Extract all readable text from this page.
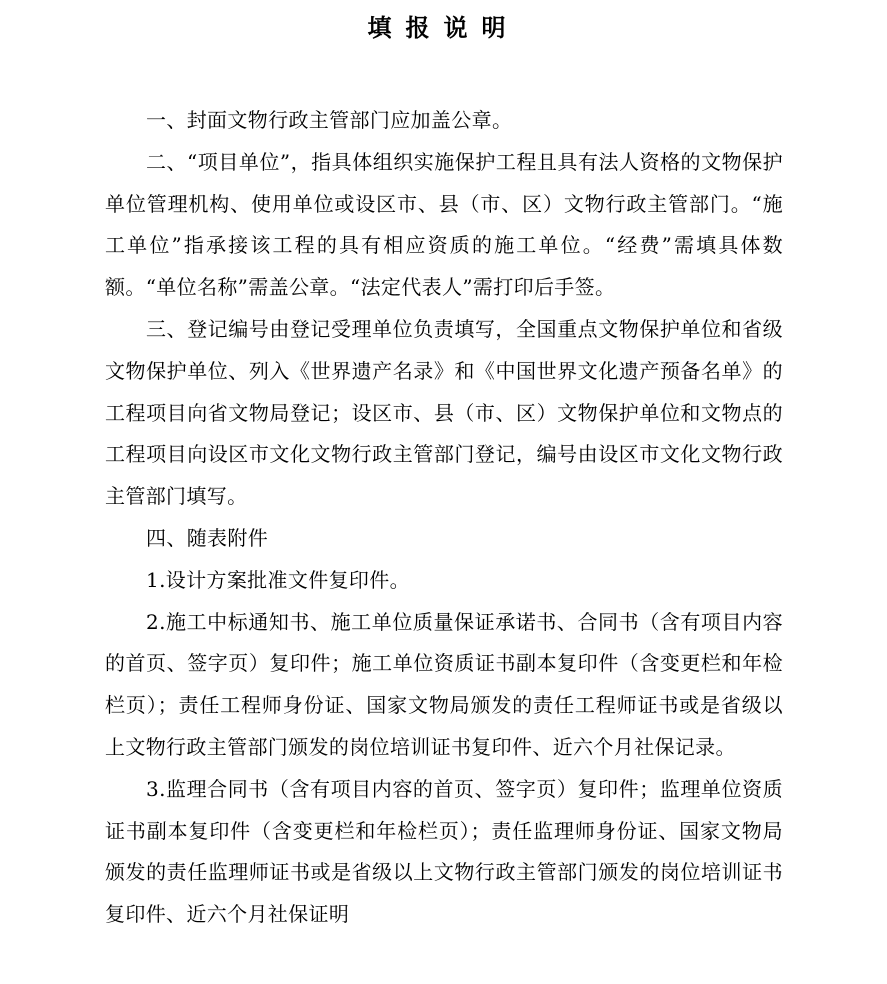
填报说明

一、封面文物行政主管部门应加盖公章。

二、“项目单位”，指具体组织实施保护工程且具有法人资格的文物保护单位管理机构、使用单位或设区市、县（市、区）文物行政主管部门。“施工单位”指承接该工程的具有相应资质的施工单位。“经费”需填具体数额。“单位名称”需盖公章。“法定代表人”需打印后手签。

三、登记编号由登记受理单位负责填写，全国重点文物保护单位和省级文物保护单位、列入《世界遗产名录》和《中国世界文化遗产预备名单》的工程项目向省文物局登记；设区市、县（市、区）文物保护单位和文物点的工程项目向设区市文化文物行政主管部门登记，编号由设区市文化文物行政主管部门填写。

四、随表附件

1.设计方案批准文件复印件。

2.施工中标通知书、施工单位质量保证承诺书、合同书（含有项目内容的首页、签字页）复印件；施工单位资质证书副本复印件（含变更栏和年检栏页）；责任工程师身份证、国家文物局颁发的责任工程师证书或是省级以上文物行政主管部门颁发的岗位培训证书复印件、近六个月社保记录。

3.监理合同书（含有项目内容的首页、签字页）复印件；监理单位资质证书副本复印件（含变更栏和年检栏页）；责任监理师身份证、国家文物局颁发的责任监理师证书或是省级以上文物行政主管部门颁发的岗位培训证书复印件、近六个月社保证明
